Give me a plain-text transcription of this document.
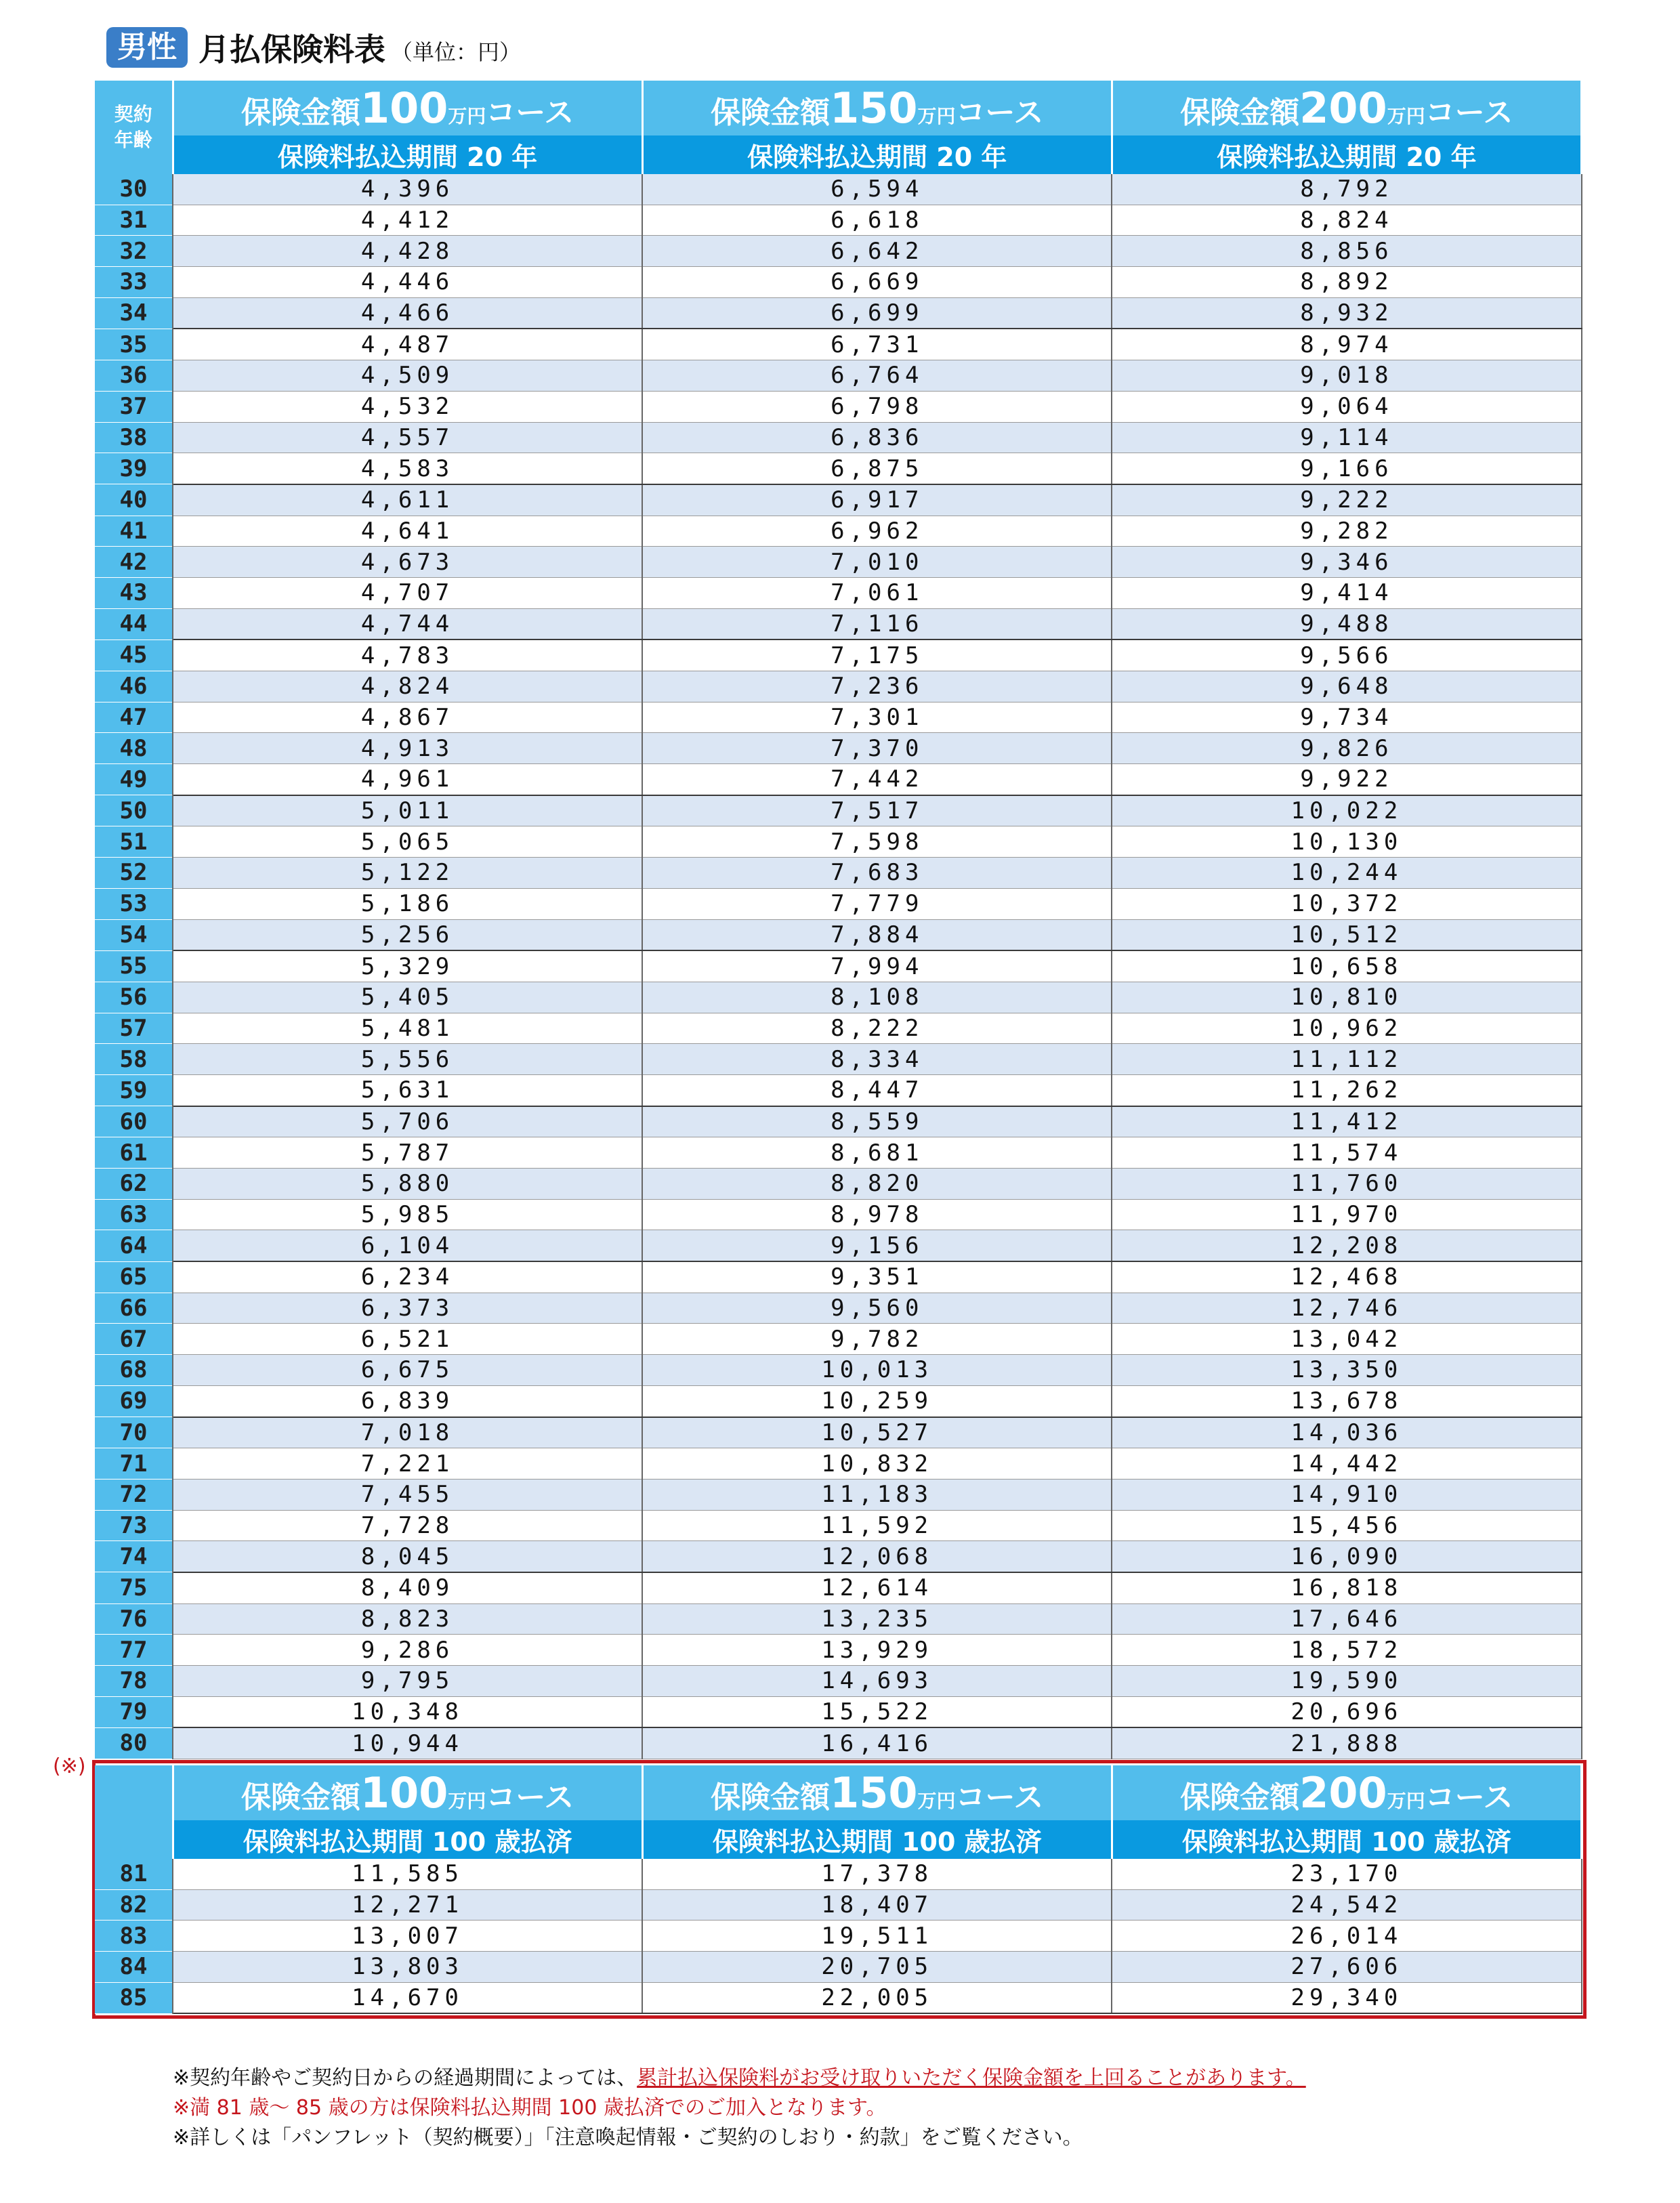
男性 月払保険料表 （単位：円）
契約
年齢	保険金額100万円コース	保険金額150万円コース	保険金額200万円コース
	保険料払込期間 20 年	保険料払込期間 20 年	保険料払込期間 20 年
30	4,396	6,594	8,792
31	4,412	6,618	8,824
32	4,428	6,642	8,856
33	4,446	6,669	8,892
34	4,466	6,699	8,932
35	4,487	6,731	8,974
36	4,509	6,764	9,018
37	4,532	6,798	9,064
38	4,557	6,836	9,114
39	4,583	6,875	9,166
40	4,611	6,917	9,222
41	4,641	6,962	9,282
42	4,673	7,010	9,346
43	4,707	7,061	9,414
44	4,744	7,116	9,488
45	4,783	7,175	9,566
46	4,824	7,236	9,648
47	4,867	7,301	9,734
48	4,913	7,370	9,826
49	4,961	7,442	9,922
50	5,011	7,517	10,022
51	5,065	7,598	10,130
52	5,122	7,683	10,244
53	5,186	7,779	10,372
54	5,256	7,884	10,512
55	5,329	7,994	10,658
56	5,405	8,108	10,810
57	5,481	8,222	10,962
58	5,556	8,334	11,112
59	5,631	8,447	11,262
60	5,706	8,559	11,412
61	5,787	8,681	11,574
62	5,880	8,820	11,760
63	5,985	8,978	11,970
64	6,104	9,156	12,208
65	6,234	9,351	12,468
66	6,373	9,560	12,746
67	6,521	9,782	13,042
68	6,675	10,013	13,350
69	6,839	10,259	13,678
70	7,018	10,527	14,036
71	7,221	10,832	14,442
72	7,455	11,183	14,910
73	7,728	11,592	15,456
74	8,045	12,068	16,090
75	8,409	12,614	16,818
76	8,823	13,235	17,646
77	9,286	13,929	18,572
78	9,795	14,693	19,590
79	10,348	15,522	20,696
80	10,944	16,416	21,888
(※)
	保険金額100万円コース	保険金額150万円コース	保険金額200万円コース
	保険料払込期間 100 歳払済	保険料払込期間 100 歳払済	保険料払込期間 100 歳払済
81	11,585	17,378	23,170
82	12,271	18,407	24,542
83	13,007	19,511	26,014
84	13,803	20,705	27,606
85	14,670	22,005	29,340
※契約年齢やご契約日からの経過期間によっては、累計払込保険料がお受け取りいただく保険金額を上回ることがあります。
※満 81 歳～ 85 歳の方は保険料払込期間 100 歳払済でのご加入となります。
※詳しくは「パンフレット（契約概要）」「注意喚起情報・ご契約のしおり・約款」をご覧ください。
